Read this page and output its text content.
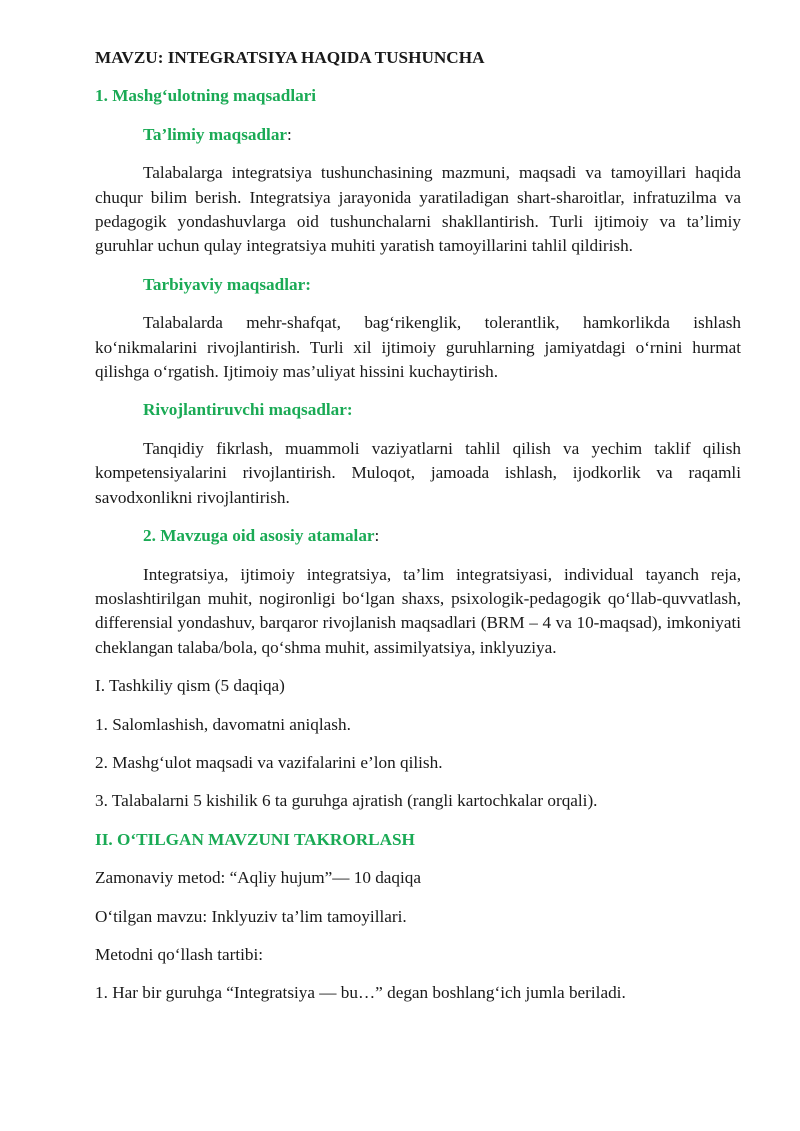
MAVZU: INTEGRATSIYA HAQIDA TUSHUNCHA

1. Mashg‘ulotning maqsadlari

Ta’limiy maqsadlar:

Talabalarga integratsiya tushunchasining mazmuni, maqsadi va tamoyillari haqida chuqur bilim berish. Integratsiya jarayonida yaratiladigan shart-sharoitlar, infratuzilma va pedagogik yondashuvlarga oid tushunchalarni shakllantirish. Turli ijtimoiy va ta’limiy guruhlar uchun qulay integratsiya muhiti yaratish tamoyillarini tahlil qildirish.

Tarbiyaviy maqsadlar:

Talabalarda mehr-shafqat, bag‘rikenglik, tolerantlik, hamkorlikda ishlash ko‘nikmalarini rivojlantirish. Turli xil ijtimoiy guruhlarning jamiyatdagi o‘rnini hurmat qilishga o‘rgatish. Ijtimoiy mas’uliyat hissini kuchaytirish.

Rivojlantiruvchi maqsadlar:

Tanqidiy fikrlash, muammoli vaziyatlarni tahlil qilish va yechim taklif qilish kompetensiyalarini rivojlantirish. Muloqot, jamoada ishlash, ijodkorlik va raqamli savodxonlikni rivojlantirish.

2. Mavzuga oid asosiy atamalar:

Integratsiya, ijtimoiy integratsiya, ta’lim integratsiyasi, individual tayanch reja, moslashtirilgan muhit, nogironligi bo‘lgan shaxs, psixologik-pedagogik qo‘llab-quvvatlash, differensial yondashuv, barqaror rivojlanish maqsadlari (BRM – 4 va 10-maqsad), imkoniyati cheklangan talaba/bola, qo‘shma muhit, assimilyatsiya, inklyuziya.

I. Tashkiliy qism (5 daqiqa)

1. Salomlashish, davomatni aniqlash.

2. Mashg‘ulot maqsadi va vazifalarini e’lon qilish.

3. Talabalarni 5 kishilik 6 ta guruhga ajratish (rangli kartochkalar orqali).

II. O‘TILGAN MAVZUNI TAKRORLASH

Zamonaviy metod: “Aqliy hujum”— 10 daqiqa

O‘tilgan mavzu: Inklyuziv ta’lim tamoyillari.

Metodni qo‘llash tartibi:

1. Har bir guruhga “Integratsiya — bu…” degan boshlang‘ich jumla beriladi.
